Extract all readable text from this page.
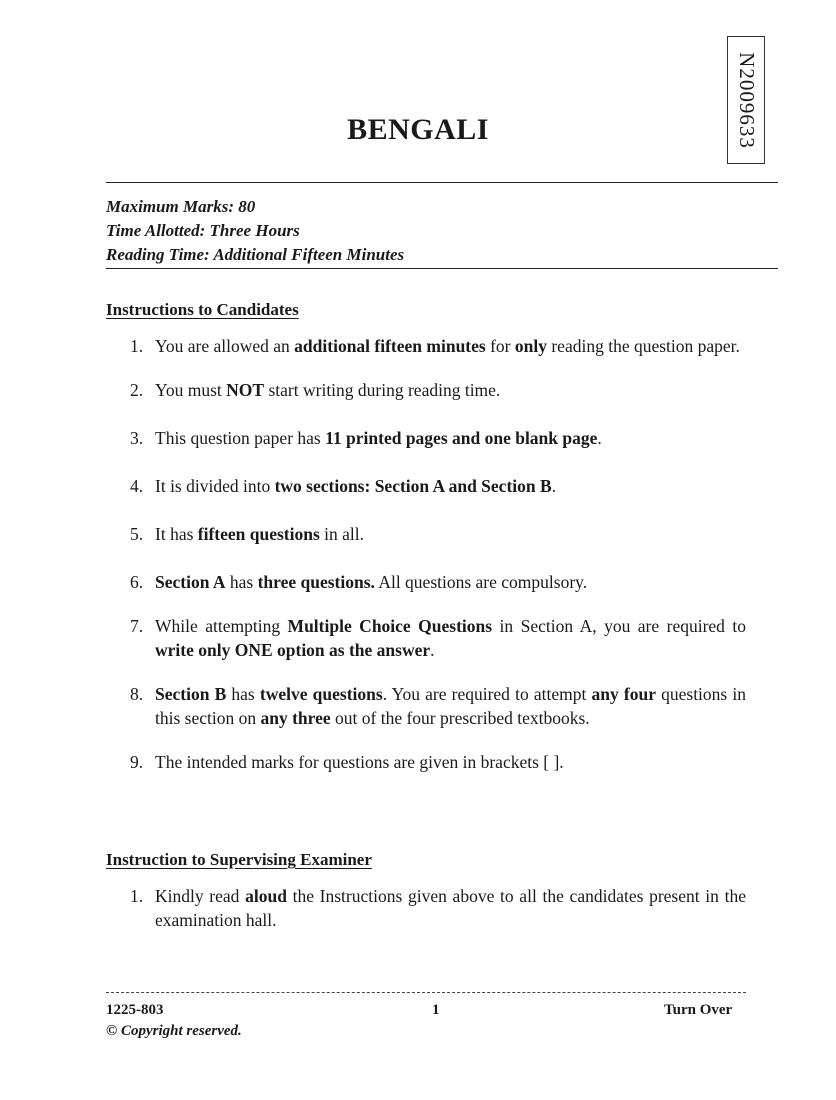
N2009633
BENGALI
Maximum Marks: 80
Time Allotted: Three Hours
Reading Time: Additional Fifteen Minutes
Instructions to Candidates
1. You are allowed an additional fifteen minutes for only reading the question paper.
2. You must NOT start writing during reading time.
3. This question paper has 11 printed pages and one blank page.
4. It is divided into two sections: Section A and Section B.
5. It has fifteen questions in all.
6. Section A has three questions. All questions are compulsory.
7. While attempting Multiple Choice Questions in Section A, you are required to write only ONE option as the answer.
8. Section B has twelve questions. You are required to attempt any four questions in this section on any three out of the four prescribed textbooks.
9. The intended marks for questions are given in brackets [ ].
Instruction to Supervising Examiner
1. Kindly read aloud the Instructions given above to all the candidates present in the examination hall.
1225-803	1	Turn Over
© Copyright reserved.
